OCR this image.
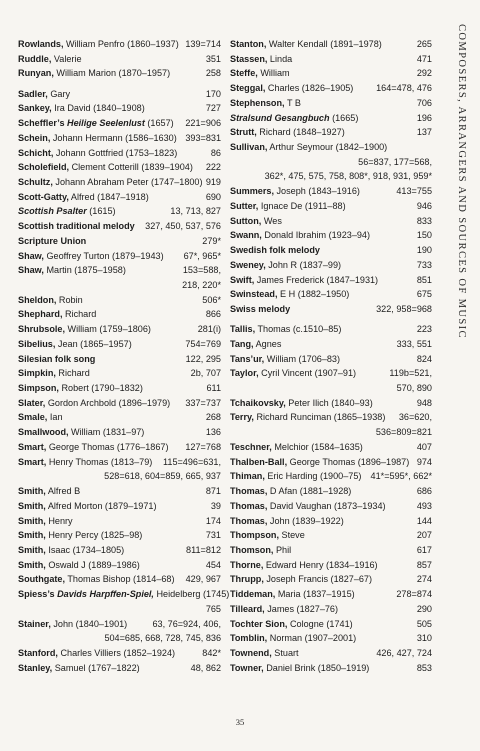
COMPOSERS, ARRANGERS AND SOURCES OF MUSIC
Rowlands, William Penfro (1860–1937) 139=714
Ruddle, Valerie	351
Runyan, William Marion (1870–1957)	258
Sadler, Gary	170
Sankey, Ira David (1840–1908)	727
Scheffler’s Heilige Seelenlust (1657)	221=906
Schein, Johann Hermann (1586–1630) 393=831
Schicht, Johann Gottfried (1753–1823)	86
Scholefield, Clement Cotterill (1839–1904)	222
Schultz, Johann Abraham Peter (1747–1800) 919
Scott-Gatty, Alfred (1847–1918)	690
Scottish Psalter (1615)	13, 713, 827
Scottish traditional melody	327, 450, 537, 576
Scripture Union	279*
Shaw, Geoffrey Turton (1879–1943)	67*, 965*
Shaw, Martin (1875–1958)	153=588,
218, 220*
Sheldon, Robin	506*
Shephard, Richard	866
Shrubsole, William (1759–1806)	281(i)
Sibelius, Jean (1865–1957)	754=769
Silesian folk song	122, 295
Simpkin, Richard	2b, 707
Simpson, Robert (1790–1832)	611
Slater, Gordon Archbold (1896–1979)	337=737
Smale, Ian	268
Smallwood, William (1831–97)	136
Smart, George Thomas (1776–1867)	127=768
Smart, Henry Thomas (1813–79)	115=496=631,
528=618, 604=859, 665, 937
Smith, Alfred B	871
Smith, Alfred Morton (1879–1971)	39
Smith, Henry	174
Smith, Henry Percy (1825–98)	731
Smith, Isaac (1734–1805)	811=812
Smith, Oswald J (1889–1986)	454
Southgate, Thomas Bishop (1814–68)	429, 967
Spiess’s Davids Harpffen-Spiel, Heidelberg (1745)
765
Stainer, John (1840–1901)	63, 76=924, 406,
504=685, 668, 728, 745, 836
Stanford, Charles Villiers (1852–1924)	842*
Stanley, Samuel (1767–1822)	48, 862
Stanton, Walter Kendall (1891–1978)	265
Stassen, Linda	471
Steffe, William	292
Steggal, Charles (1826–1905)	164=478, 476
Stephenson, T B	706
Stralsund Gesangbuch (1665)	196
Strutt, Richard (1848–1927)	137
Sullivan, Arthur Seymour (1842–1900)
56=837, 177=568,
362*, 475, 575, 758, 808*, 918, 931, 959*
Summers, Joseph (1843–1916)	413=755
Sutter, Ignace De (1911–88)	946
Sutton, Wes	833
Swann, Donald Ibrahim (1923–94)	150
Swedish folk melody	190
Sweney, John R (1837–99)	733
Swift, James Frederick (1847–1931)	851
Swinstead, E H (1882–1950)	675
Swiss melody	322, 958=968
Tallis, Thomas (c.1510–85)	223
Tang, Agnes	333, 551
Tans’ur, William (1706–83)	824
Taylor, Cyril Vincent (1907–91)	119b=521,
570, 890
Tchaikovsky, Peter Ilich (1840–93)	948
Terry, Richard Runciman (1865–1938)	36=620,
536=809=821
Teschner, Melchior (1584–1635)	407
Thalben-Ball, George Thomas (1896–1987) 974
Thiman, Eric Harding (1900–75)	41*=595*, 662*
Thomas, D Afan (1881–1928)	686
Thomas, David Vaughan (1873–1934)	493
Thomas, John (1839–1922)	144
Thompson, Steve	207
Thomson, Phil	617
Thorne, Edward Henry (1834–1916)	857
Thrupp, Joseph Francis (1827–67)	274
Tiddeman, Maria (1837–1915)	278=874
Tilleard, James (1827–76)	290
Tochter Sion, Cologne (1741)	505
Tomblin, Norman (1907–2001)	310
Townend, Stuart	426, 427, 724
Towner, Daniel Brink (1850–1919)	853
35
